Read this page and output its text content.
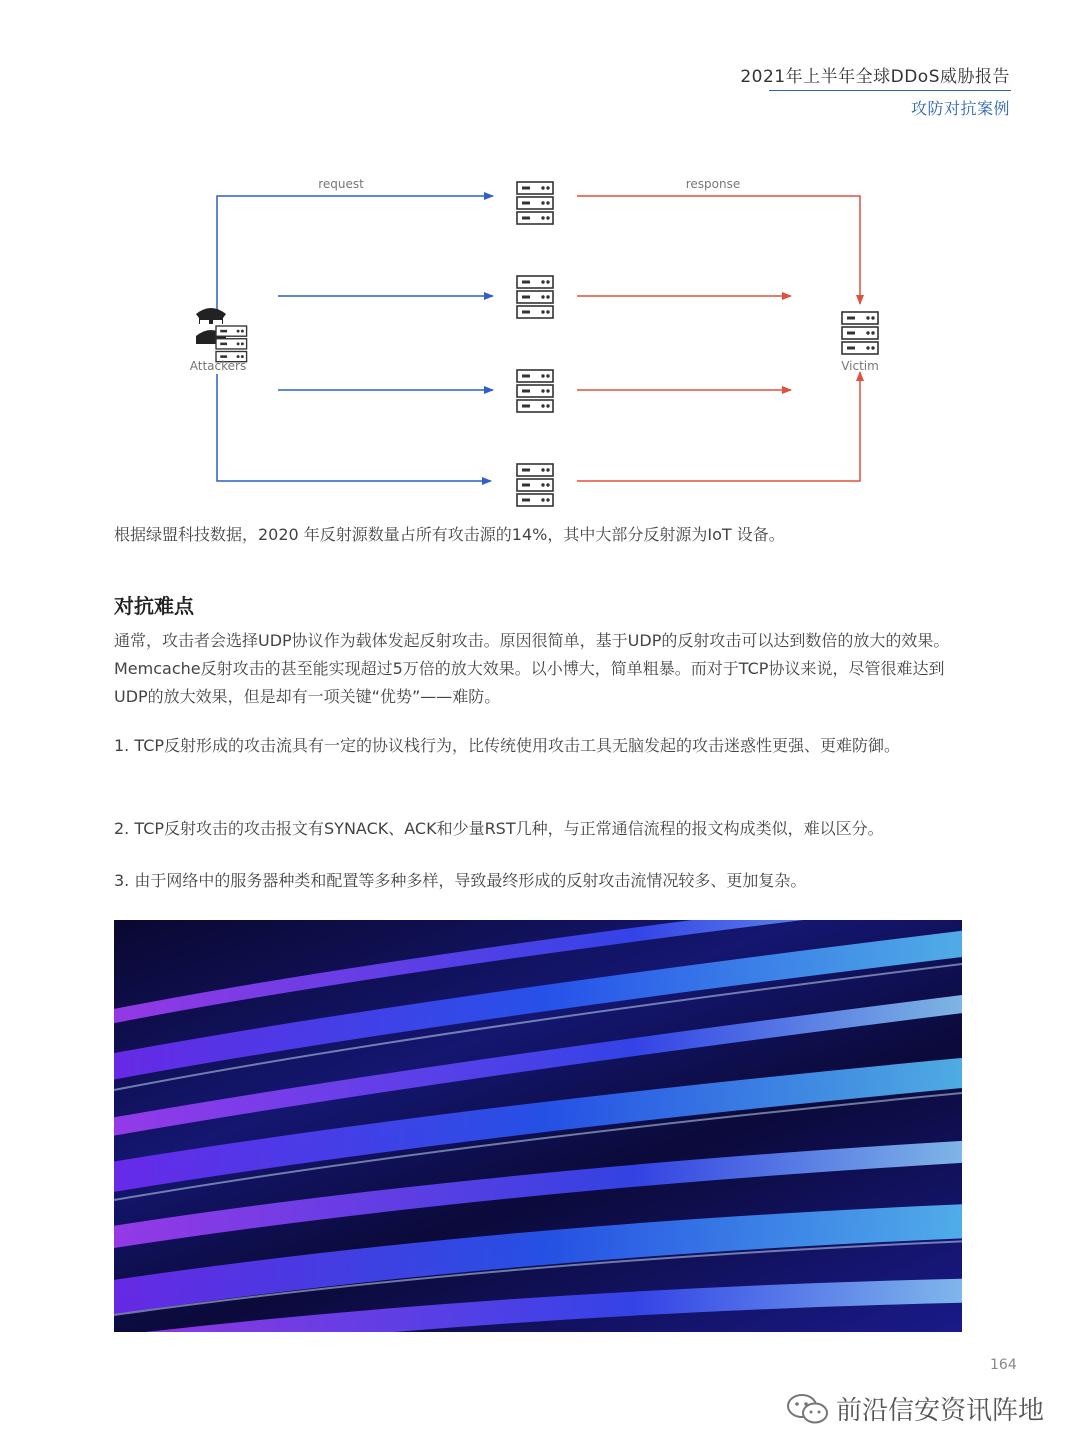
2021年上半年全球DDoS威胁报告
攻防对抗案例
request	response
Attackers	Victim

根据绿盟科技数据，2020 年反射源数量占所有攻击源的14%，其中大部分反射源为IoT 设备。

对抗难点

通常，攻击者会选择UDP协议作为载体发起反射攻击。原因很简单，基于UDP的反射攻击可以达到数倍的放大的效果。Memcache反射攻击的甚至能实现超过5万倍的放大效果。以小博大，简单粗暴。而对于TCP协议来说，尽管很难达到UDP的放大效果，但是却有一项关键“优势”——难防。

1. TCP反射形成的攻击流具有一定的协议栈行为，比传统使用攻击工具无脑发起的攻击迷惑性更强、更难防御。

2. TCP反射攻击的攻击报文有SYNACK、ACK和少量RST几种，与正常通信流程的报文构成类似，难以区分。

3. 由于网络中的服务器种类和配置等多种多样，导致最终形成的反射攻击流情况较多、更加复杂。

164
前沿信安资讯阵地
